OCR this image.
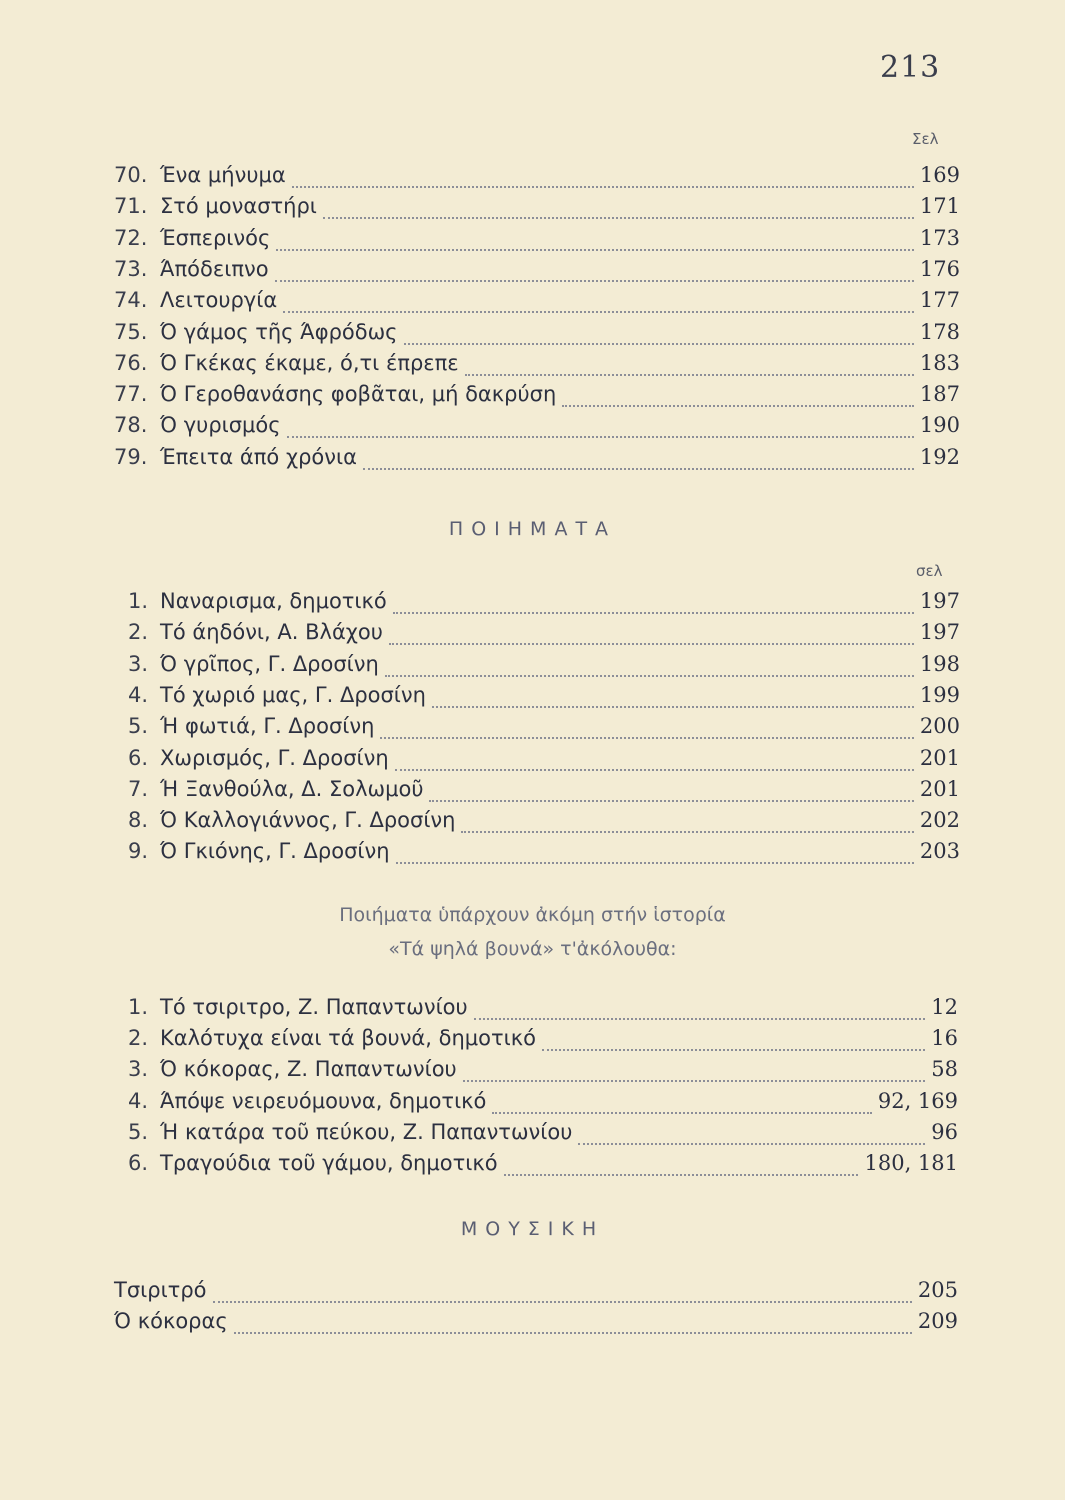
213
Σελ
70. Ένα μήνυμα	169
71. Στό μοναστήρι	171
72. Έσπερινός	173
73. Άπόδειπνο	176
74. Λειτουργία	177
75. Ό γάμος τῆς Άφρόδως	178
76. Ό Γκέκας έκαμε, ό,τι έπρεπε	183
77. Ό Γεροθανάσης φοβᾶται, μή δακρύση	187
78. Ό γυρισμός	190
79. Έπειτα άπό χρόνια	192
ΠΟΙΗΜΑΤΑ
σελ
1. Ναναρισμα, δημοτικό	197
2. Τό άηδόνι, Α. Βλάχου	197
3. Ό γρῖπος, Γ. Δροσίνη	198
4. Τό χωριό μας, Γ. Δροσίνη	199
5. Ή φωτιά, Γ. Δροσίνη	200
6. Χωρισμός, Γ. Δροσίνη	201
7. Ή Ξανθούλα, Δ. Σολωμοῦ	201
8. Ό Καλλογιάννος, Γ. Δροσίνη	202
9. Ό Γκιόνης, Γ. Δροσίνη	203
Ποιήματα ὑπάρχουν ἀκόμη στήν ἱστορία
«Τά ψηλά βουνά» τ'ἀκόλουθα:
1. Τό τσιριτρο, Ζ. Παπαντωνίου	12
2. Καλότυχα είναι τά βουνά, δημοτικό	16
3. Ό κόκορας, Ζ. Παπαντωνίου	58
4. Άπόψε νειρευόμουνα, δημοτικό	92, 169
5. Ή κατάρα τοῦ πεύκου, Ζ. Παπαντωνίου	96
6. Τραγούδια τοῦ γάμου, δημοτικό	180, 181
ΜΟΥΣΙΚΗ
Τσιριτρό	205
Ό κόκορας	209
